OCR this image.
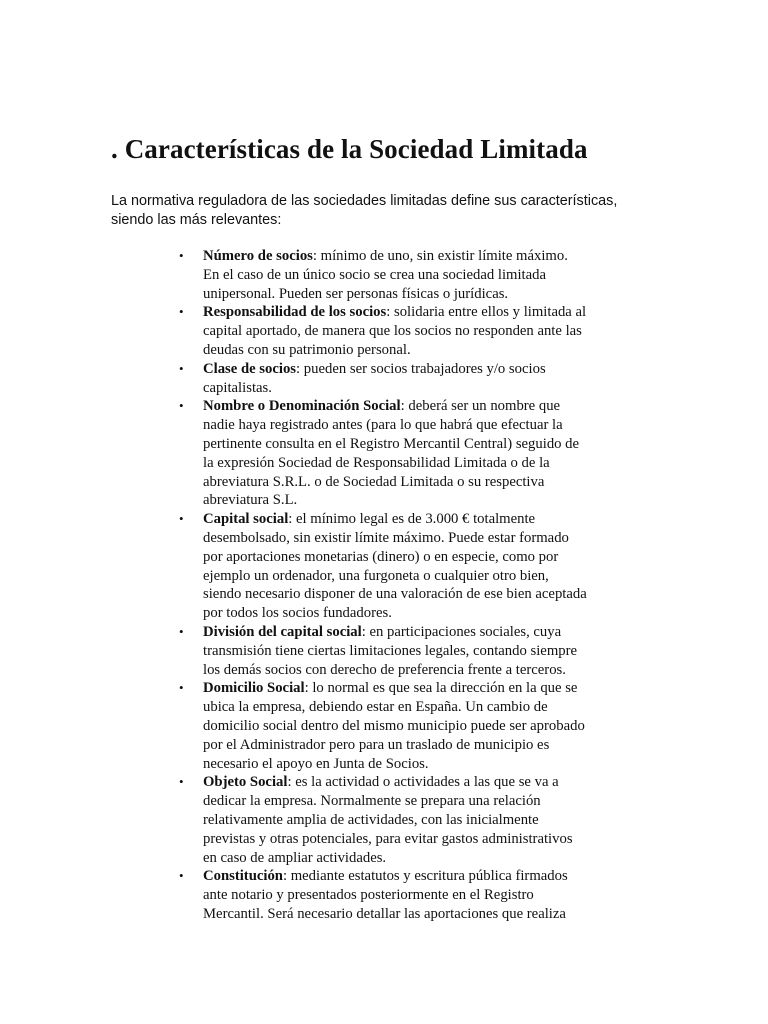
. Características de la Sociedad Limitada

La normativa reguladora de las sociedades limitadas define sus características,
siendo las más relevantes:

• Número de socios: mínimo de uno, sin existir límite máximo.
En el caso de un único socio se crea una sociedad limitada
unipersonal. Pueden ser personas físicas o jurídicas.
• Responsabilidad de los socios: solidaria entre ellos y limitada al
capital aportado, de manera que los socios no responden ante las
deudas con su patrimonio personal.
• Clase de socios: pueden ser socios trabajadores y/o socios
capitalistas.
• Nombre o Denominación Social: deberá ser un nombre que
nadie haya registrado antes (para lo que habrá que efectuar la
pertinente consulta en el Registro Mercantil Central) seguido de
la expresión Sociedad de Responsabilidad Limitada o de la
abreviatura S.R.L. o de Sociedad Limitada o su respectiva
abreviatura S.L.
• Capital social: el mínimo legal es de 3.000 € totalmente
desembolsado, sin existir límite máximo. Puede estar formado
por aportaciones monetarias (dinero) o en especie, como por
ejemplo un ordenador, una furgoneta o cualquier otro bien,
siendo necesario disponer de una valoración de ese bien aceptada
por todos los socios fundadores.
• División del capital social: en participaciones sociales, cuya
transmisión tiene ciertas limitaciones legales, contando siempre
los demás socios con derecho de preferencia frente a terceros.
• Domicilio Social: lo normal es que sea la dirección en la que se
ubica la empresa, debiendo estar en España. Un cambio de
domicilio social dentro del mismo municipio puede ser aprobado
por el Administrador pero para un traslado de municipio es
necesario el apoyo en Junta de Socios.
• Objeto Social: es la actividad o actividades a las que se va a
dedicar la empresa. Normalmente se prepara una relación
relativamente amplia de actividades, con las inicialmente
previstas y otras potenciales, para evitar gastos administrativos
en caso de ampliar actividades.
• Constitución: mediante estatutos y escritura pública firmados
ante notario y presentados posteriormente en el Registro
Mercantil. Será necesario detallar las aportaciones que realiza
